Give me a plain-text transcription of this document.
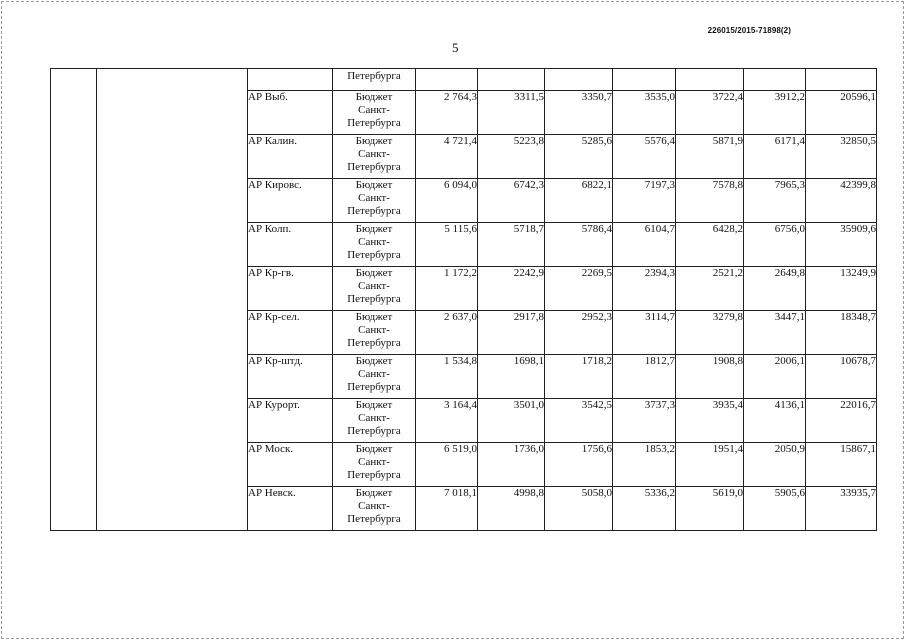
226015/2015-71898(2)
5
			Петербурга							
		АР Выб.	Бюджет
Санкт-
Петербурга	2 764,3	3311,5	3350,7	3535,0	3722,4	3912,2	20596,1
		АР Калин.	Бюджет
Санкт-
Петербурга	4 721,4	5223,8	5285,6	5576,4	5871,9	6171,4	32850,5
		АР Кировс.	Бюджет
Санкт-
Петербурга	6 094,0	6742,3	6822,1	7197,3	7578,8	7965,3	42399,8
		АР Колп.	Бюджет
Санкт-
Петербурга	5 115,6	5718,7	5786,4	6104,7	6428,2	6756,0	35909,6
		АР Кр-гв.	Бюджет
Санкт-
Петербурга	1 172,2	2242,9	2269,5	2394,3	2521,2	2649,8	13249,9
		АР Кр-сел.	Бюджет
Санкт-
Петербурга	2 637,0	2917,8	2952,3	3114,7	3279,8	3447,1	18348,7
		АР Кр-штд.	Бюджет
Санкт-
Петербурга	1 534,8	1698,1	1718,2	1812,7	1908,8	2006,1	10678,7
		АР Курорт.	Бюджет
Санкт-
Петербурга	3 164,4	3501,0	3542,5	3737,3	3935,4	4136,1	22016,7
		АР Моск.	Бюджет
Санкт-
Петербурга	6 519,0	1736,0	1756,6	1853,2	1951,4	2050,9	15867,1
		АР Невск.	Бюджет
Санкт-
Петербурга	7 018,1	4998,8	5058,0	5336,2	5619,0	5905,6	33935,7
